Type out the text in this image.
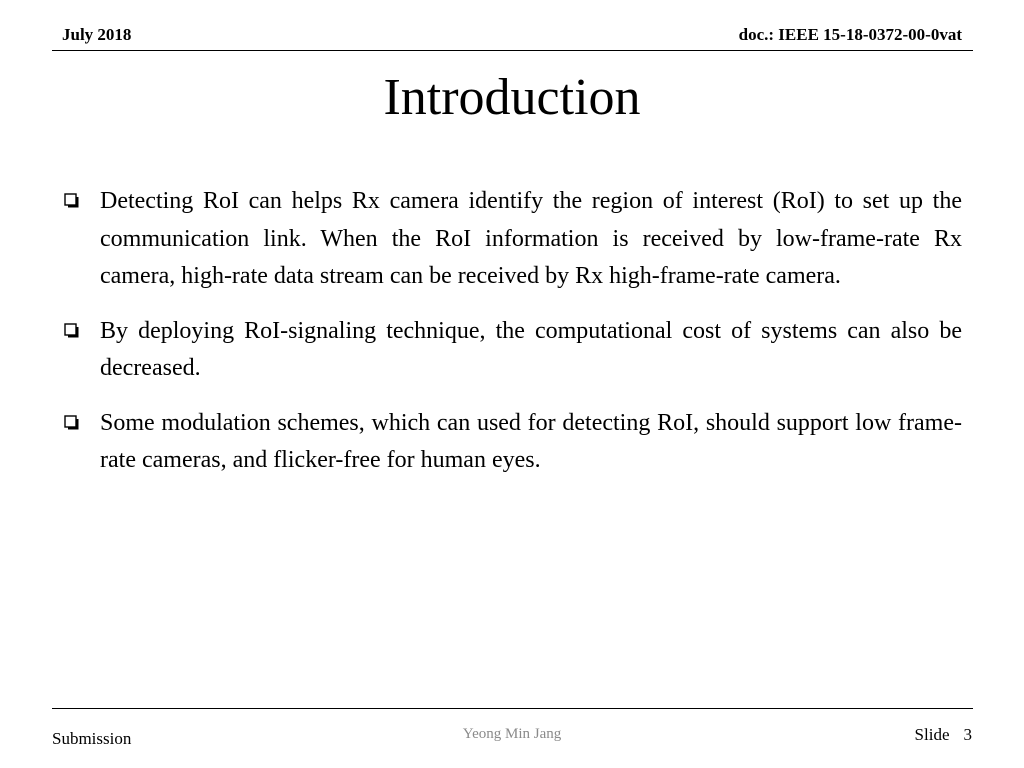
July 2018	doc.: IEEE 15-18-0372-00-0vat
Introduction
Detecting RoI can helps Rx camera identify the region of interest (RoI) to set up the communication link. When the RoI information is received by low-frame-rate Rx camera, high-rate data stream can be received by Rx high-frame-rate camera.
By deploying RoI-signaling technique, the computational cost of systems can also be decreased.
Some modulation schemes, which can used for detecting RoI, should support low frame-rate cameras, and flicker-free for human eyes.
Submission	Yeong Min Jang	Slide 3
